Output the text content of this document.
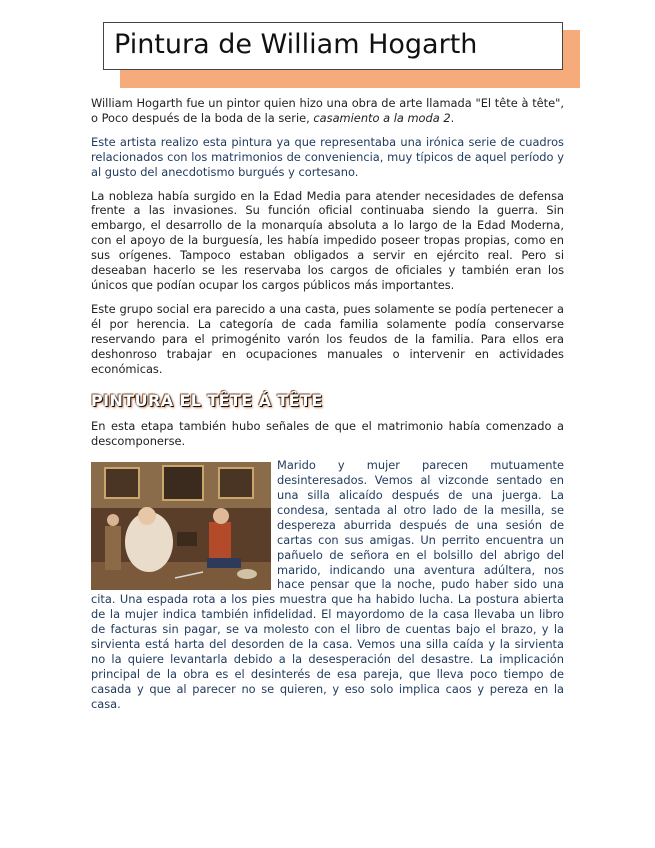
Pintura de William Hogarth

William Hogarth fue un pintor quien hizo una obra de arte llamada "El tête à tête", o Poco después de la boda de la serie, casamiento a la moda 2.

Este artista realizo esta pintura ya que representaba una irónica serie de cuadros relacionados con los matrimonios de conveniencia, muy típicos de aquel período y al gusto del anecdotismo burgués y cortesano.

La nobleza había surgido en la Edad Media para atender necesidades de defensa frente a las invasiones. Su función oficial continuaba siendo la guerra. Sin embargo, el desarrollo de la monarquía absoluta a lo largo de la Edad Moderna, con el apoyo de la burguesía, les había impedido poseer tropas propias, como en sus orígenes. Tampoco estaban obligados a servir en ejército real. Pero si deseaban hacerlo se les reservaba los cargos de oficiales y también eran los únicos que podían ocupar los cargos públicos más importantes.

Este grupo social era parecido a una casta, pues solamente se podía pertenecer a él por herencia. La categoría de cada familia solamente podía conservarse reservando para el primogénito varón los feudos de la familia. Para ellos era deshonroso trabajar en ocupaciones manuales o intervenir en actividades económicas.

PINTURA EL TÊTE Á TÊTE

En esta etapa también hubo señales de que el matrimonio había comenzado a descomponerse.

Marido y mujer parecen mutuamente desinteresados. Vemos al vizconde sentado en una silla alicaído después de una juerga. La condesa, sentada al otro lado de la mesilla, se despereza aburrida después de una sesión de cartas con sus amigas. Un perrito encuentra un pañuelo de señora en el bolsillo del abrigo del marido, indicando una aventura adúltera, nos hace pensar que la noche, pudo haber sido una cita. Una espada rota a los pies muestra que ha habido lucha. La postura abierta de la mujer indica también infidelidad. El mayordomo de la casa llevaba un libro de facturas sin pagar, se va molesto con el libro de cuentas bajo el brazo, y la sirvienta está harta del desorden de la casa. Vemos una silla caída y la sirvienta no la quiere levantarla debido a la desesperación del desastre. La implicación principal de la obra es el desinterés de esa pareja, que lleva poco tiempo de casada y que al parecer no se quieren, y eso solo implica caos y pereza en la casa.
